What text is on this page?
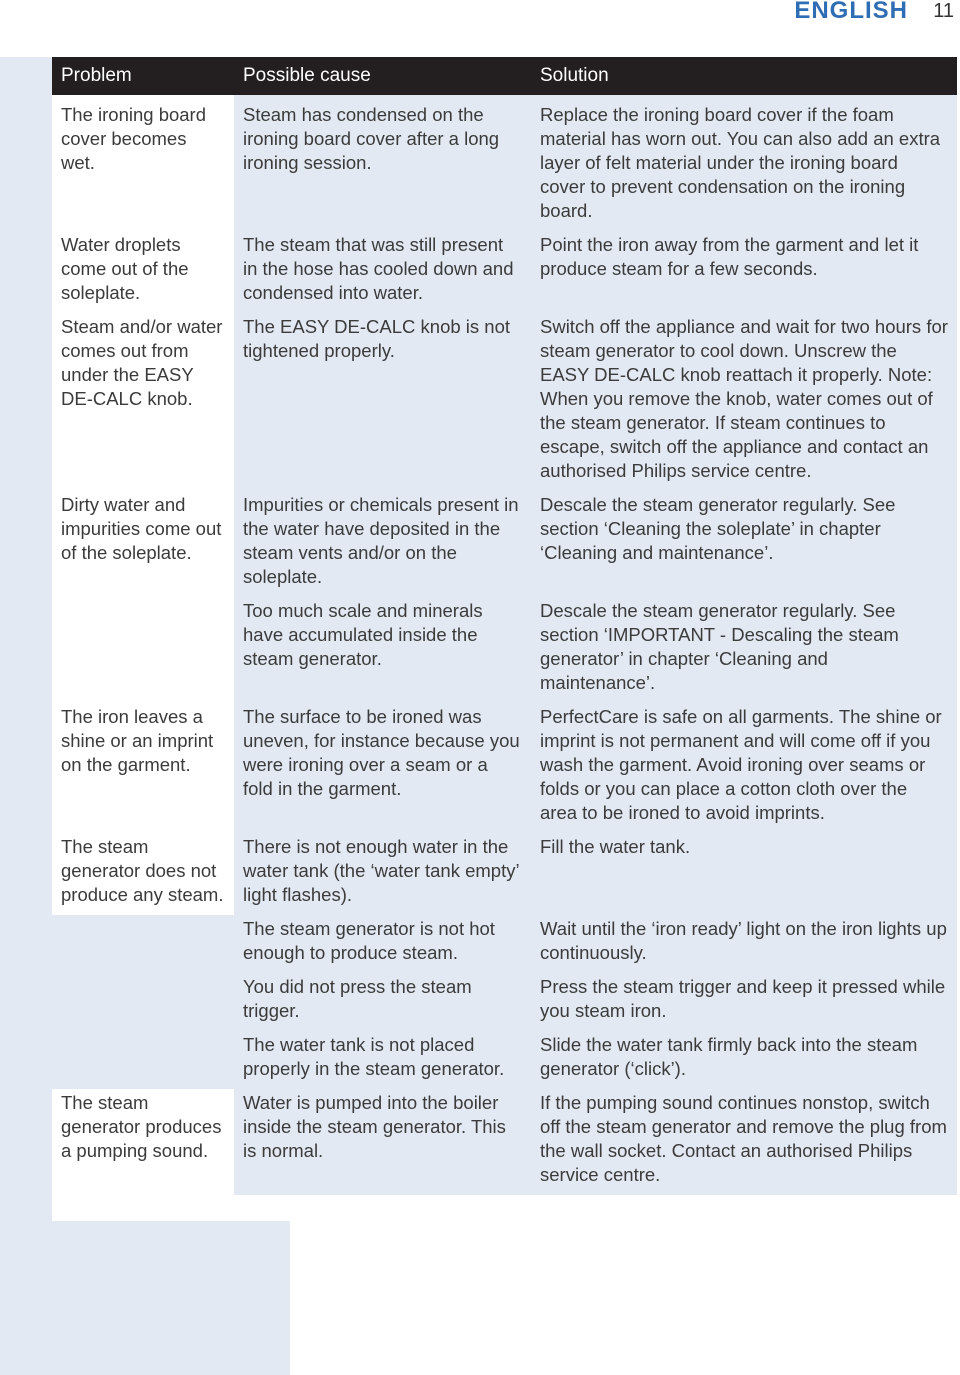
ENGLISH 11
Problem	Possible cause	Solution
The ironing board cover becomes wet.	Steam has condensed on the ironing board cover after a long ironing session.	Replace the ironing board cover if the foam material has worn out. You can also add an extra layer of felt material under the ironing board cover to prevent condensation on the ironing board.
Water droplets come out of the soleplate.	The steam that was still present in the hose has cooled down and condensed into water.	Point the iron away from the garment and let it produce steam for a few seconds.
Steam and/or water comes out from under the EASY DE-CALC knob.	The EASY DE-CALC knob is not tightened properly.	Switch off the appliance and wait for two hours for steam generator to cool down. Unscrew the EASY DE-CALC knob reattach it properly. Note: When you remove the knob, water comes out of the steam generator. If steam continues to escape, switch off the appliance and contact an authorised Philips service centre.
Dirty water and impurities come out of the soleplate.	Impurities or chemicals present in the water have deposited in the steam vents and/or on the soleplate.	Descale the steam generator regularly. See section ‘Cleaning the soleplate’ in chapter ‘Cleaning and maintenance’.
	Too much scale and minerals have accumulated inside the steam generator.	Descale the steam generator regularly. See section ‘IMPORTANT - Descaling the steam generator’ in chapter ‘Cleaning and maintenance’.
The iron leaves a shine or an imprint on the garment.	The surface to be ironed was uneven, for instance because you were ironing over a seam or a fold in the garment.	PerfectCare is safe on all garments. The shine or imprint is not permanent and will come off if you wash the garment. Avoid ironing over seams or folds or you can place a cotton cloth over the area to be ironed to avoid imprints.
The steam generator does not produce any steam.	There is not enough water in the water tank (the ‘water tank empty’ light flashes).	Fill the water tank.
	The steam generator is not hot enough to produce steam.	Wait until the ‘iron ready’ light on the iron lights up continuously.
	You did not press the steam trigger.	Press the steam trigger and keep it pressed while you steam iron.
	The water tank is not placed properly in the steam generator.	Slide the water tank firmly back into the steam generator (‘click’).
The steam generator produces a pumping sound.	Water is pumped into the boiler inside the steam generator. This is normal.	If the pumping sound continues nonstop, switch off the steam generator and remove the plug from the wall socket. Contact an authorised Philips service centre.
